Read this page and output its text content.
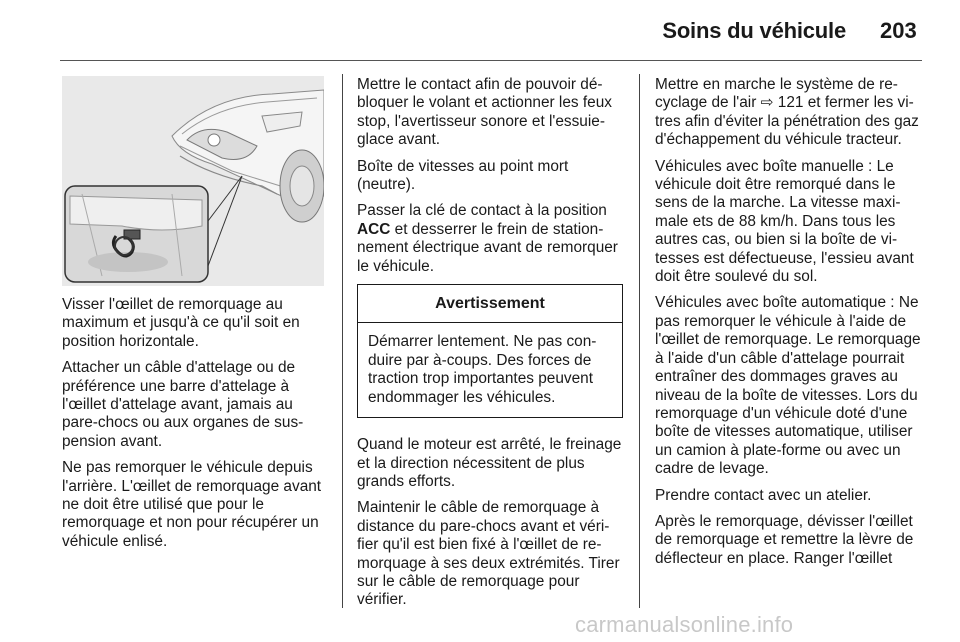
Soins du véhicule 203

Visser l'œillet de remorquage au maximum et jusqu'à ce qu'il soit en position horizontale.

Attacher un câble d'attelage ou de préférence une barre d'attelage à l'œillet d'attelage avant, jamais au pare-chocs ou aux organes de suspension avant.

Ne pas remorquer le véhicule depuis l'arrière. L'œillet de remorquage avant ne doit être utilisé que pour le remorquage et non pour récupérer un véhicule enlisé.

Mettre le contact afin de pouvoir débloquer le volant et actionner les feux stop, l'avertisseur sonore et l'essuie-glace avant.

Boîte de vitesses au point mort (neutre).

Passer la clé de contact à la position ACC et desserrer le frein de stationnement électrique avant de remorquer le véhicule.

Avertissement
Démarrer lentement. Ne pas conduire par à-coups. Des forces de traction trop importantes peuvent endommager les véhicules.

Quand le moteur est arrêté, le freinage et la direction nécessitent de plus grands efforts.

Maintenir le câble de remorquage à distance du pare-chocs avant et vérifier qu'il est bien fixé à l'œillet de remorquage à ses deux extrémités. Tirer sur le câble de remorquage pour vérifier.

Mettre en marche le système de recyclage de l'air ⇨ 121 et fermer les vitres afin d'éviter la pénétration des gaz d'échappement du véhicule tracteur.

Véhicules avec boîte manuelle : Le véhicule doit être remorqué dans le sens de la marche. La vitesse maximale ets de 88 km/h. Dans tous les autres cas, ou bien si la boîte de vitesses est défectueuse, l'essieu avant doit être soulevé du sol.

Véhicules avec boîte automatique : Ne pas remorquer le véhicule à l'aide de l'œillet de remorquage. Le remorquage à l'aide d'un câble d'attelage pourrait entraîner des dommages graves au niveau de la boîte de vitesses. Lors du remorquage d'un véhicule doté d'une boîte de vitesses automatique, utiliser un camion à plate-forme ou avec un cadre de levage.

Prendre contact avec un atelier.

Après le remorquage, dévisser l'œillet de remorquage et remettre la lèvre de déflecteur en place. Ranger l'œillet

carmanualsonline.info
